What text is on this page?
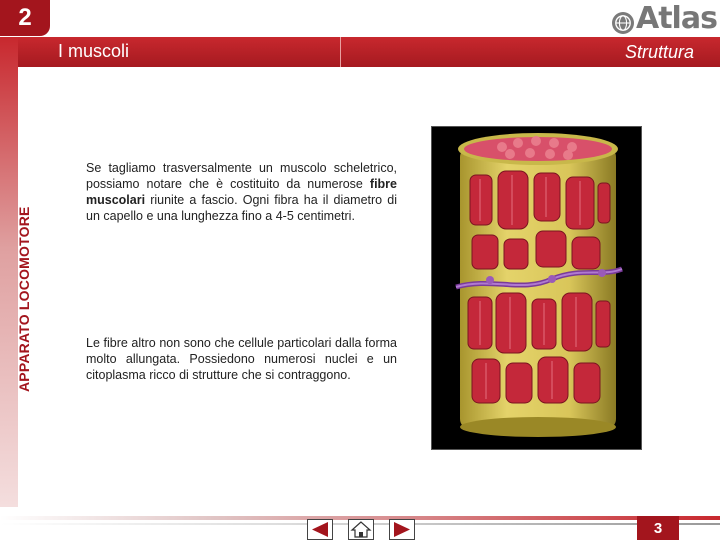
2	Atlas
I muscoli	Struttura
APPARATO LOCOMOTORE
Se tagliamo trasversalmente un muscolo scheletrico, possiamo notare che è costituito da numerose fibre muscolari riunite a fascio. Ogni fibra ha il diametro di un capello e una lunghezza fino a 4-5 centimetri.
Le fibre altro non sono che cellule particolari dalla forma molto allungata. Possiedono numerosi nuclei e un citoplasma ricco di strutture che si contraggono.
3
